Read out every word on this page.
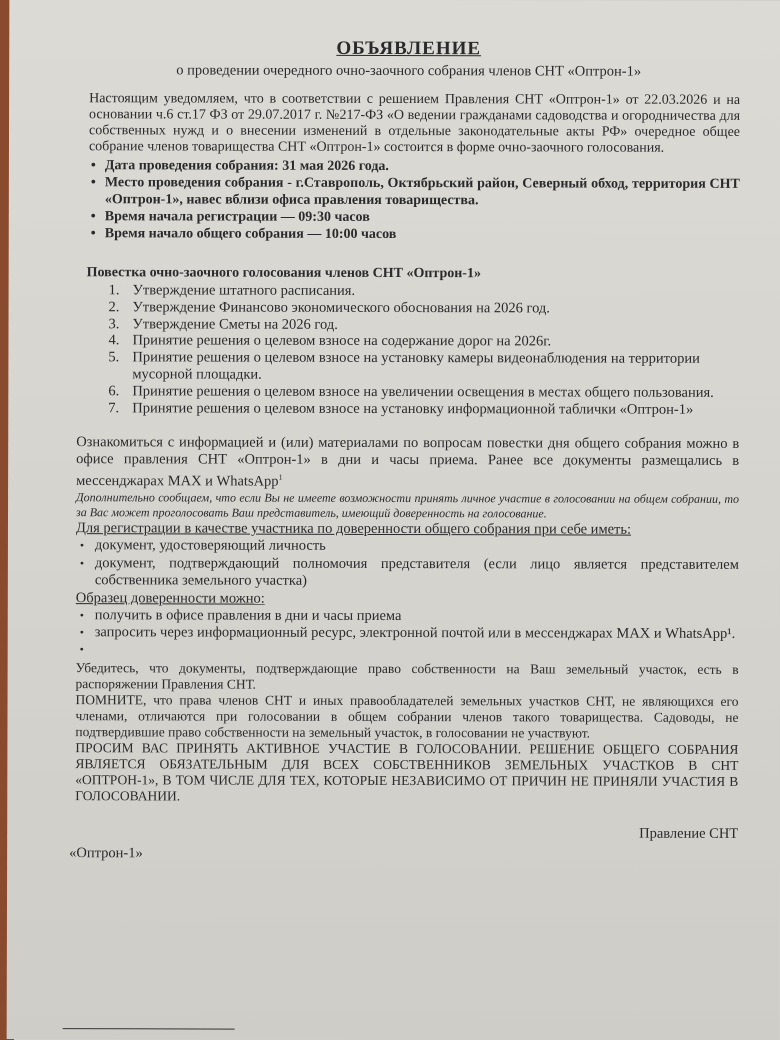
ОБЪЯВЛЕНИЕ

о проведении очередного очно-заочного собрания членов СНТ «Оптрон-1»

Настоящим уведомляем, что в соответствии с решением Правления СНТ «Оптрон-1» от 22.03.2026 и на основании ч.6 ст.17 ФЗ от 29.07.2017 г. №217-ФЗ «О ведении гражданами садоводства и огородничества для собственных нужд и о внесении изменений в отдельные законодательные акты РФ» очередное общее собрание членов товарищества СНТ «Оптрон-1» состоится в форме очно-заочного голосования.

• Дата проведения собрания: 31 мая 2026 года.
• Место проведения собрания - г.Ставрополь, Октябрьский район, Северный обход, территория СНТ «Оптрон-1», навес вблизи офиса правления товарищества.
• Время начала регистрации — 09:30 часов
• Время начало общего собрания — 10:00 часов

Повестка очно-заочного голосования членов СНТ «Оптрон-1»

1. Утверждение штатного расписания.
2. Утверждение Финансово экономического обоснования на 2026 год.
3. Утверждение Сметы на 2026 год.
4. Принятие решения о целевом взносе на содержание дорог на 2026г.
5. Принятие решения о целевом взносе на установку камеры видеонаблюдения на территории мусорной площадки.
6. Принятие решения о целевом взносе на увеличении освещения в местах общего пользования.
7. Принятие решения о целевом взносе на установку информационной таблички «Оптрон-1»

Ознакомиться с информацией и (или) материалами по вопросам повестки дня общего собрания можно в офисе правления СНТ «Оптрон-1» в дни и часы приема. Ранее все документы размещались в мессенджарах MAX и WhatsApp$^1$

Дополнительно сообщаем, что если Вы не имеете возможности принять личное участие в голосовании на общем собрании, то за Вас может проголосовать Ваш представитель, имеющий доверенность на голосование.

Для регистрации в качестве участника по доверенности общего собрания при себе иметь:

• документ, удостоверяющий личность
• документ, подтверждающий полномочия представителя (если лицо является представителем собственника земельного участка)

Образец доверенности можно:

• получить в офисе правления в дни и часы приема
• запросить через информационный ресурс, электронной почтой или в мессенджарах MAX и WhatsApp¹.
•

Убедитесь, что документы, подтверждающие право собственности на Ваш земельный участок, есть в распоряжении Правления СНТ.

ПОМНИТЕ, что права членов СНТ и иных правообладателей земельных участков СНТ, не являющихся его членами, отличаются при голосовании в общем собрании членов такого товарищества. Садоводы, не подтвердившие право собственности на земельный участок, в голосовании не участвуют.

ПРОСИМ ВАС ПРИНЯТЬ АКТИВНОЕ УЧАСТИЕ В ГОЛОСОВАНИИ. РЕШЕНИЕ ОБЩЕГО СОБРАНИЯ ЯВЛЯЕТСЯ ОБЯЗАТЕЛЬНЫМ ДЛЯ ВСЕХ СОБСТВЕННИКОВ ЗЕМЕЛЬНЫХ УЧАСТКОВ В СНТ «ОПТРОН-1», В ТОМ ЧИСЛЕ ДЛЯ ТЕХ, КОТОРЫЕ НЕЗАВИСИМО ОТ ПРИЧИН НЕ ПРИНЯЛИ УЧАСТИЯ В ГОЛОСОВАНИИ.

Правление СНТ

«Оптрон-1»
